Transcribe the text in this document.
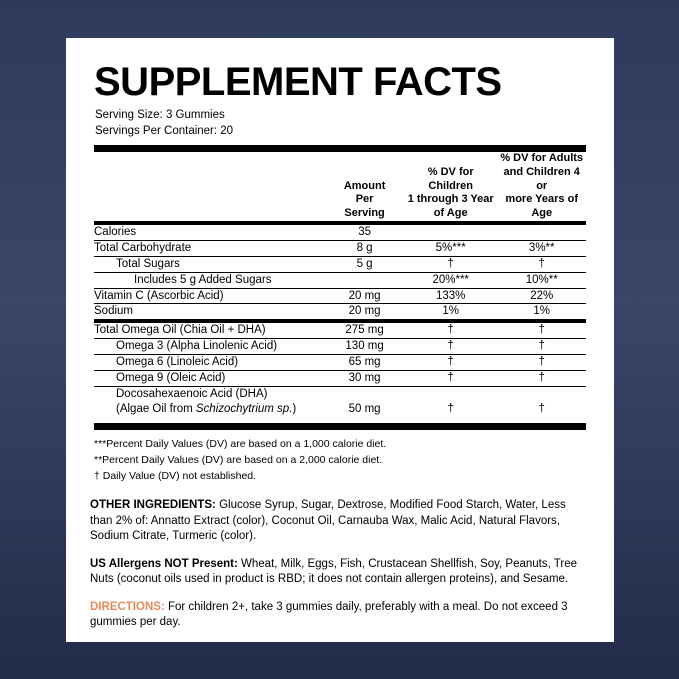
SUPPLEMENT FACTS
Serving Size: 3 Gummies
Servings Per Container: 20

Amount
Per
Serving

% DV for Children
1 through 3 Year
of Age

% DV for Adults
and Children 4 or
more Years of Age
Calories	35		
Total Carbohydrate	8 g	5%***	3%**
Total Sugars	5 g	†	†
Includes 5 g Added Sugars		20%***	10%**
Vitamin C (Ascorbic Acid)	20 mg	133%	22%
Sodium	20 mg	1%	1%
Total Omega Oil (Chia Oil + DHA)	275 mg	†	†
Omega 3 (Alpha Linolenic Acid)	130 mg	†	†
Omega 6 (Linoleic Acid)	65 mg	†	†
Omega 9 (Oleic Acid)	30 mg	†	†

Docosahexaenoic Acid (DHA)
(Algae Oil from Schizochytrium sp.)	50 mg	†	†
***Percent Daily Values (DV) are based on a 1,000 calorie diet.
**Percent Daily Values (DV) are based on a 2,000 calorie diet.
† Daily Value (DV) not established.

OTHER INGREDIENTS: Glucose Syrup, Sugar, Dextrose, Modified Food Starch, Water, Less than 2% of: Annatto Extract (color), Coconut Oil, Carnauba Wax, Malic Acid, Natural Flavors, Sodium Citrate, Turmeric (color).

US Allergens NOT Present: Wheat, Milk, Eggs, Fish, Crustacean Shellfish, Soy, Peanuts, Tree Nuts (coconut oils used in product is RBD; it does not contain allergen proteins), and Sesame.

DIRECTIONS: For children 2+, take 3 gummies daily, preferably with a meal. Do not exceed 3 gummies per day.
